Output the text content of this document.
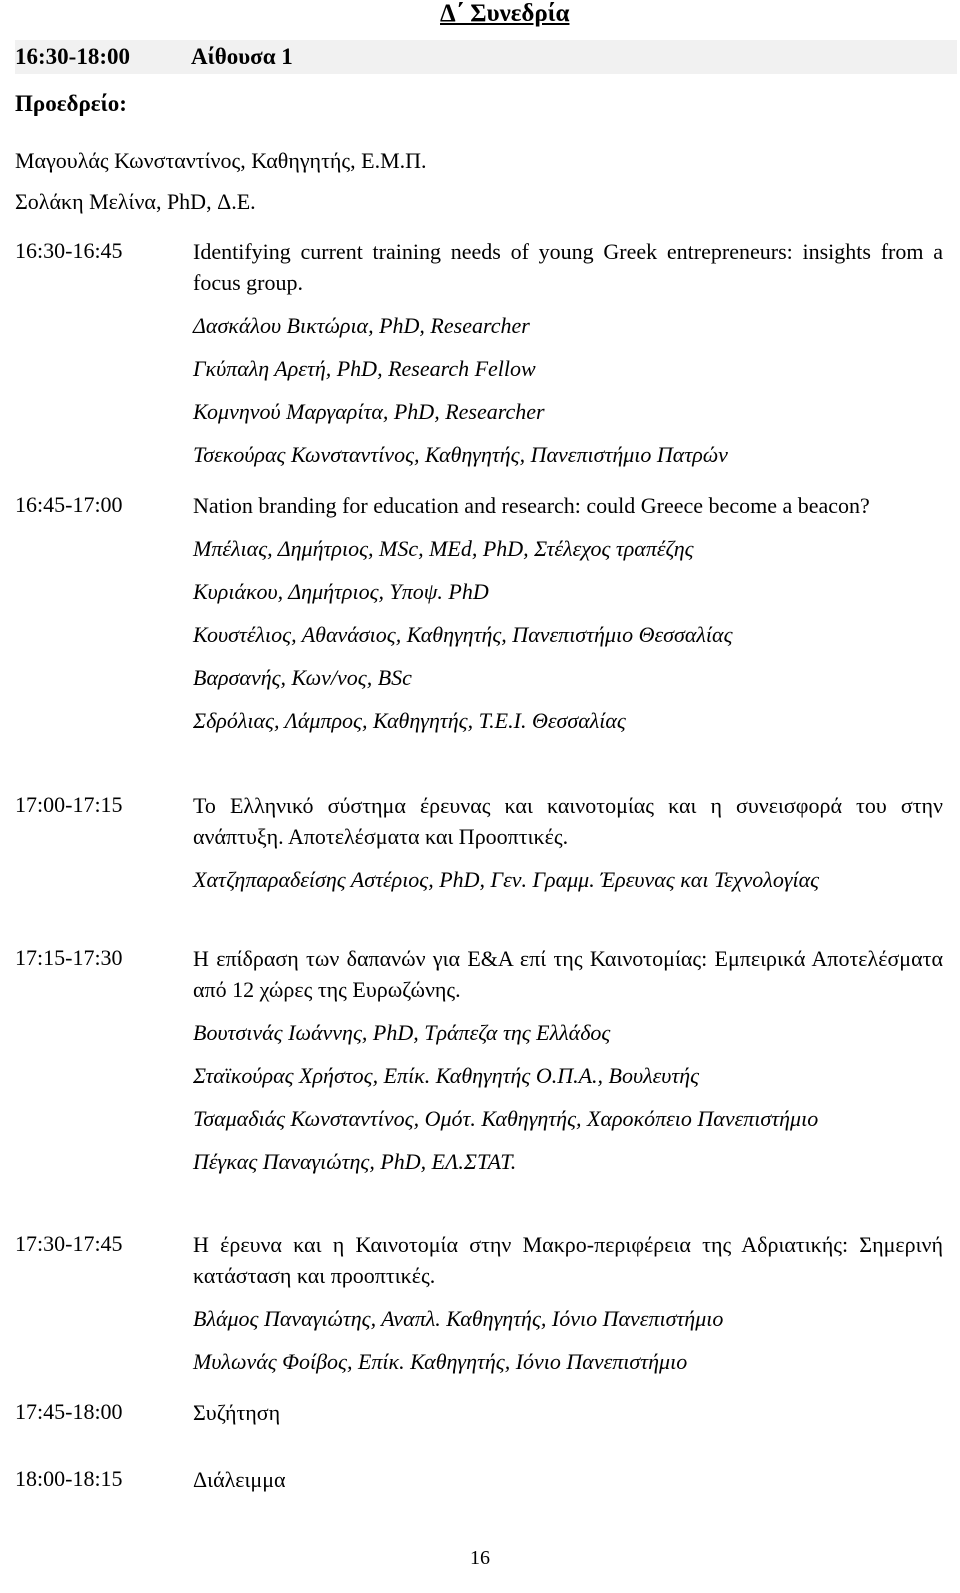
Δ΄ Συνεδρία
16:30-18:00	Αίθουσα 1
Προεδρείο:
Μαγουλάς Κωνσταντίνος, Καθηγητής, Ε.Μ.Π.
Σολάκη Μελίνα, PhD, Δ.Ε.
16:30-16:45	Identifying current training needs of young Greek entrepreneurs: insights from a focus group.

Δασκάλου Βικτώρια, PhD, Researcher

Γκύπαλη Αρετή, PhD, Research Fellow

Κομνηνού Μαργαρίτα, PhD, Researcher

Τσεκούρας Κωνσταντίνος, Καθηγητής, Πανεπιστήμιο Πατρών

16:45-17:00	Nation branding for education and research: could Greece become a beacon?

Μπέλιας, Δημήτριος, MSc, MEd, PhD, Στέλεχος τραπέζης

Κυριάκου, Δημήτριος, Υποψ. PhD

Κουστέλιος, Αθανάσιος, Καθηγητής, Πανεπιστήμιο Θεσσαλίας

Βαρσανής, Κων/νος, BSc

Σδρόλιας, Λάμπρος, Καθηγητής, Τ.Ε.Ι. Θεσσαλίας

17:00-17:15	Το Ελληνικό σύστημα έρευνας και καινοτομίας και η συνεισφορά του στην ανάπτυξη. Αποτελέσματα και Προοπτικές.

Χατζηπαραδείσης Αστέριος, PhD, Γεν. Γραμμ. Έρευνας και Τεχνολογίας

17:15-17:30	Η επίδραση των δαπανών για Ε&Α επί της Καινοτομίας: Εμπειρικά Αποτελέσματα από 12 χώρες της Ευρωζώνης.

Βουτσινάς Ιωάννης, PhD, Τράπεζα της Ελλάδος

Σταϊκούρας Χρήστος, Επίκ. Καθηγητής Ο.Π.Α., Βουλευτής

Τσαμαδιάς Κωνσταντίνος, Ομότ. Καθηγητής, Χαροκόπειο Πανεπιστήμιο

Πέγκας Παναγιώτης, PhD, ΕΛ.ΣΤΑΤ.

17:30-17:45	Η έρευνα και η Καινοτομία στην Μακρο-περιφέρεια της Αδριατικής: Σημερινή κατάσταση και προοπτικές.

Βλάμος Παναγιώτης, Αναπλ. Καθηγητής, Ιόνιο Πανεπιστήμιο

Μυλωνάς Φοίβος, Επίκ. Καθηγητής, Ιόνιο Πανεπιστήμιο

17:45-18:00	Συζήτηση

18:00-18:15	Διάλειμμα

16
